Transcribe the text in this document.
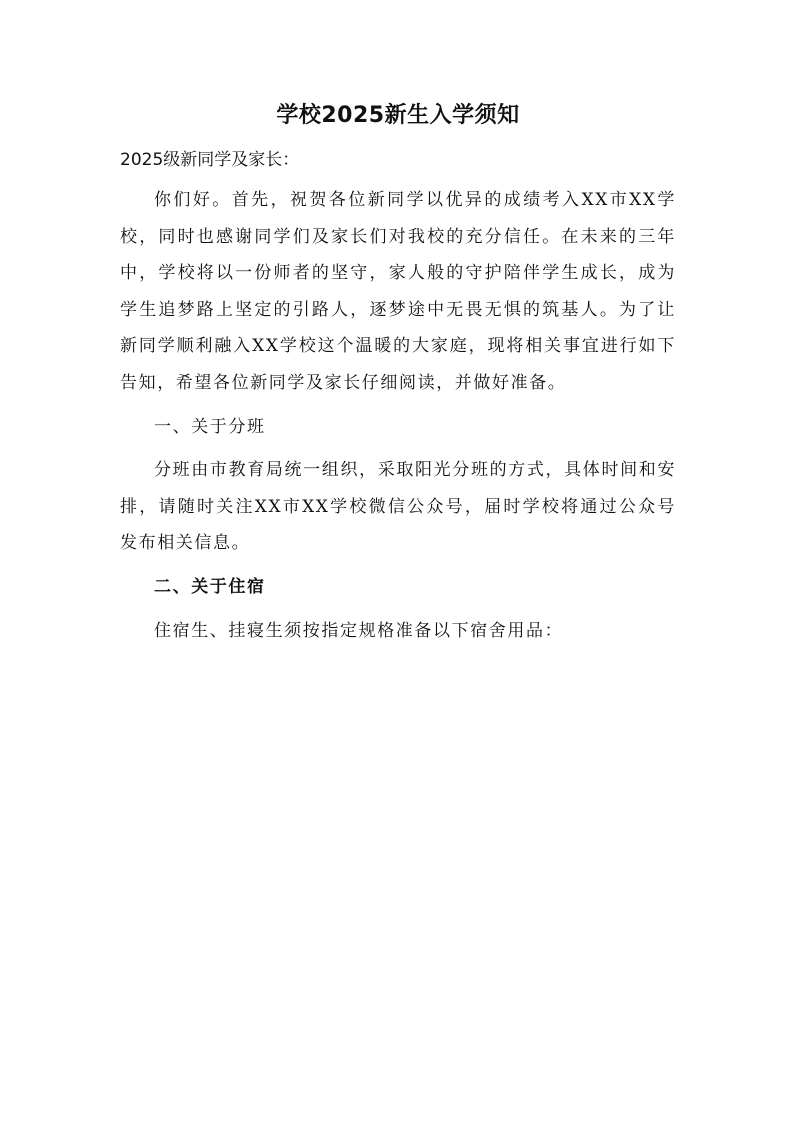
学校2025新生入学须知
2025级新同学及家长：

你们好。首先，祝贺各位新同学以优异的成绩考入XX市XX学校，同时也感谢同学们及家长们对我校的充分信任。在未来的三年中，学校将以一份师者的坚守，家人般的守护陪伴学生成长，成为学生追梦路上坚定的引路人，逐梦途中无畏无惧的筑基人。为了让新同学顺利融入XX学校这个温暖的大家庭，现将相关事宜进行如下告知，希望各位新同学及家长仔细阅读，并做好准备。

一、关于分班

分班由市教育局统一组织，采取阳光分班的方式，具体时间和安排，请随时关注XX市XX学校微信公众号，届时学校将通过公众号发布相关信息。

二、关于住宿

住宿生、挂寝生须按指定规格准备以下宿舍用品：
